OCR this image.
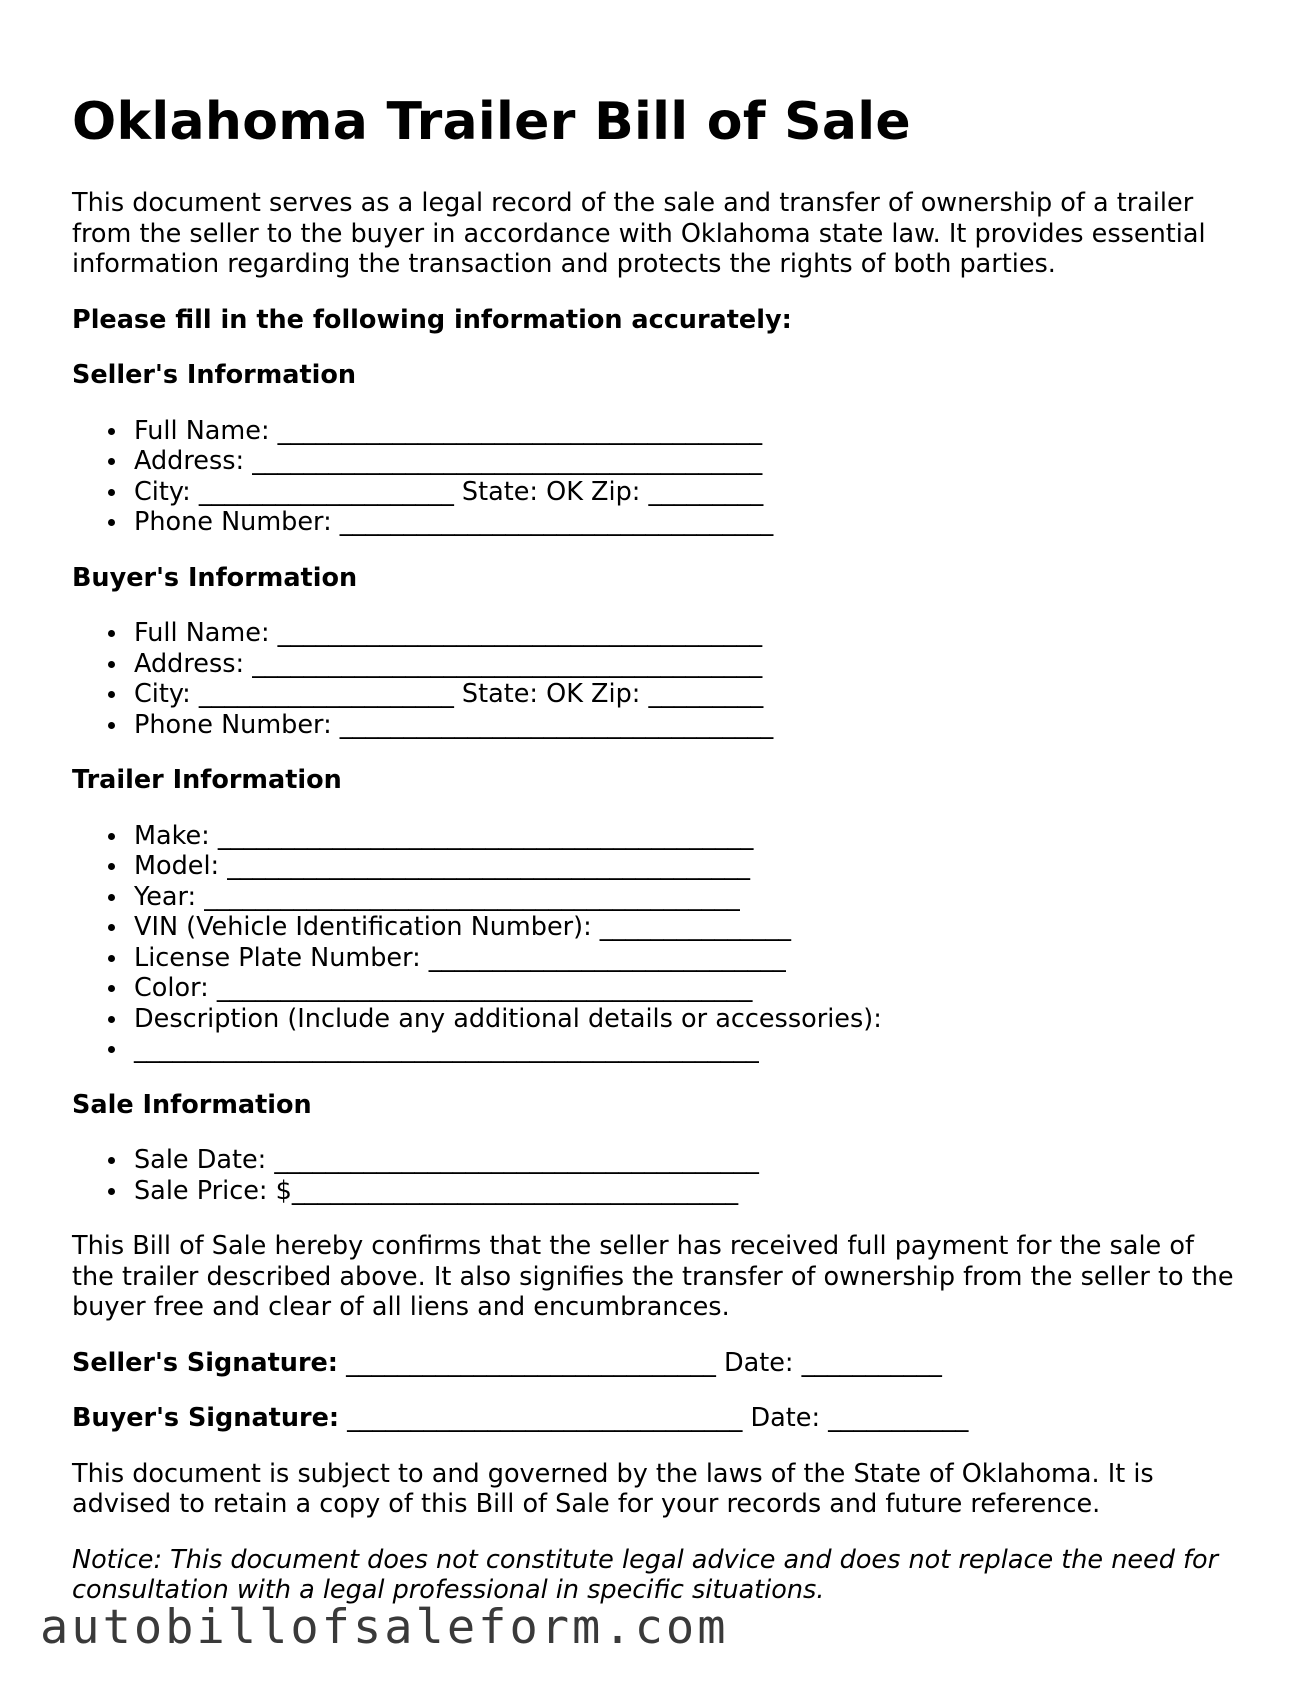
Oklahoma Trailer Bill of Sale

This document serves as a legal record of the sale and transfer of ownership of a trailer from the seller to the buyer in accordance with Oklahoma state law. It provides essential information regarding the transaction and protects the rights of both parties.

Please fill in the following information accurately:

Seller's Information
Full Name: ______________________________________
Address: ________________________________________
City: ____________________ State: OK Zip: _________
Phone Number: __________________________________
Buyer's Information
Full Name: ______________________________________
Address: ________________________________________
City: ____________________ State: OK Zip: _________
Phone Number: __________________________________
Trailer Information
Make: __________________________________________
Model: _________________________________________
Year: __________________________________________
VIN (Vehicle Identification Number): _______________
License Plate Number: ____________________________
Color: __________________________________________
Description (Include any additional details or accessories):
_________________________________________________
Sale Information
Sale Date: ______________________________________
Sale Price: $___________________________________

This Bill of Sale hereby confirms that the seller has received full payment for the sale of the trailer described above. It also signifies the transfer of ownership from the seller to the buyer free and clear of all liens and encumbrances.

Seller's Signature: _____________________________ Date: ___________

Buyer's Signature: _______________________________ Date: ___________

This document is subject to and governed by the laws of the State of Oklahoma. It is advised to retain a copy of this Bill of Sale for your records and future reference.

Notice: This document does not constitute legal advice and does not replace the need for consultation with a legal professional in specific situations.

autobillofsaleform.com
